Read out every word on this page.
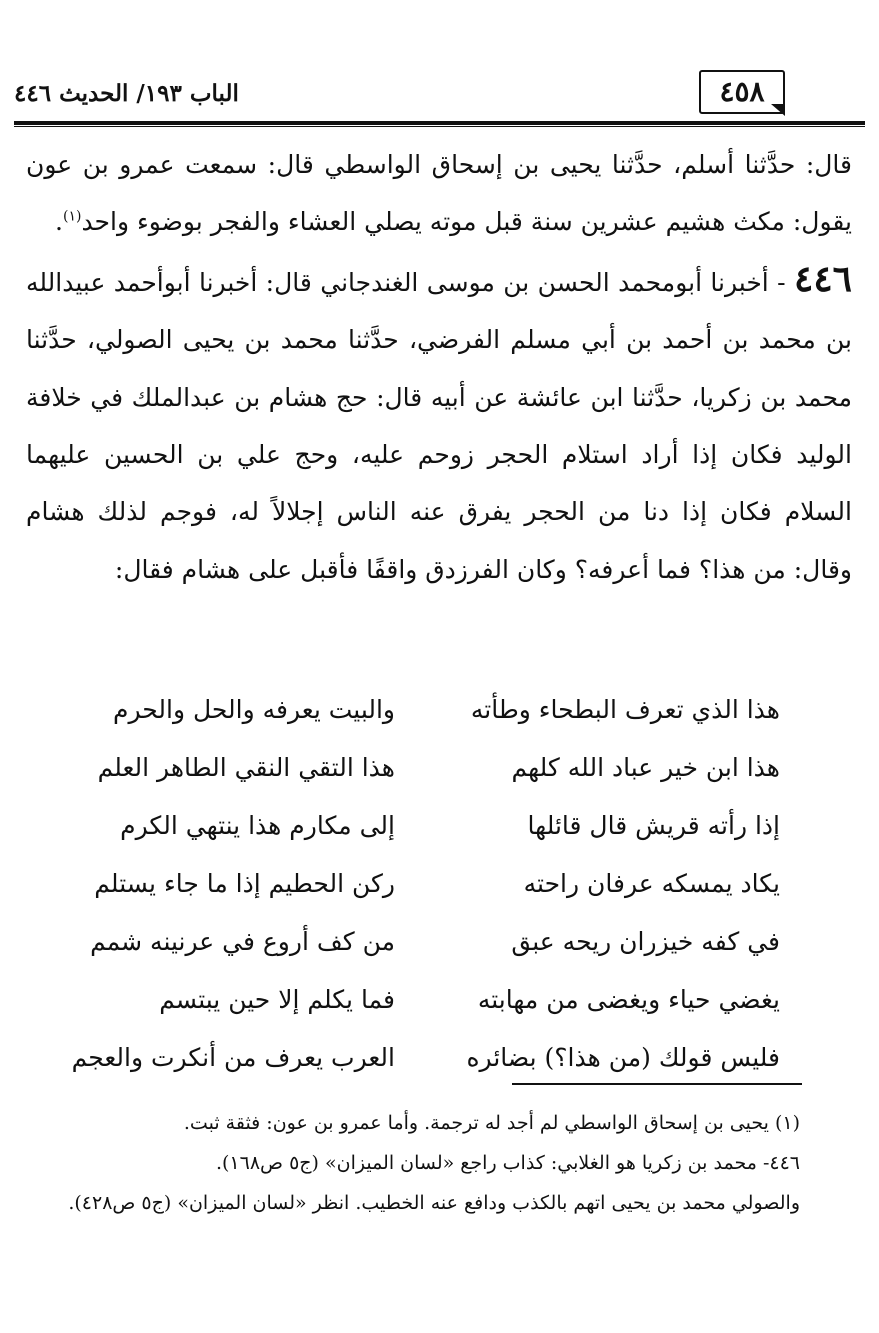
الباب ١٩٣/ الحديث ٤٤٦	٤٥٨

قال: حدَّثنا أسلم، حدَّثنا يحيى بن إسحاق الواسطي قال: سمعت عمرو بن عون يقول: مكث هشيم عشرين سنة قبل موته يصلي العشاء والفجر بوضوء واحد$^{(١)}$.

٤٤٦ - أخبرنا أبومحمد الحسن بن موسى الغندجاني قال: أخبرنا أبوأحمد عبيدالله بن محمد بن أحمد بن أبي مسلم الفرضي، حدَّثنا محمد بن يحيى الصولي، حدَّثنا محمد بن زكريا، حدَّثنا ابن عائشة عن أبيه قال: حج هشام بن عبدالملك في خلافة الوليد فكان إذا أراد استلام الحجر زوحم عليه، وحج علي بن الحسين عليهما السلام فكان إذا دنا من الحجر يفرق عنه الناس إجلالاً له، فوجم لذلك هشام وقال: من هذا؟ فما أعرفه؟ وكان الفرزدق واقفًا فأقبل على هشام فقال:

هذا الذي تعرف البطحاء وطأته
والبيت يعرفه والحل والحرم
هذا ابن خير عباد الله كلهم
هذا التقي النقي الطاهر العلم
إذا رأته قريش قال قائلها
إلى مكارم هذا ينتهي الكرم
يكاد يمسكه عرفان راحته
ركن الحطيم إذا ما جاء يستلم
في كفه خيزران ريحه عبق
من كف أروع في عرنينه شمم
يغضي حياء ويغضى من مهابته
فما يكلم إلا حين يبتسم
فليس قولك (من هذا؟) بضائره
العرب يعرف من أنكرت والعجم

(١) يحيى بن إسحاق الواسطي لم أجد له ترجمة. وأما عمرو بن عون: فثقة ثبت.

٤٤٦- محمد بن زكريا هو الغلابي: كذاب راجع «لسان الميزان» (ج٥ ص١٦٨).

والصولي محمد بن يحيى اتهم بالكذب ودافع عنه الخطيب. انظر «لسان الميزان» (ج٥ ص٤٢٨).
